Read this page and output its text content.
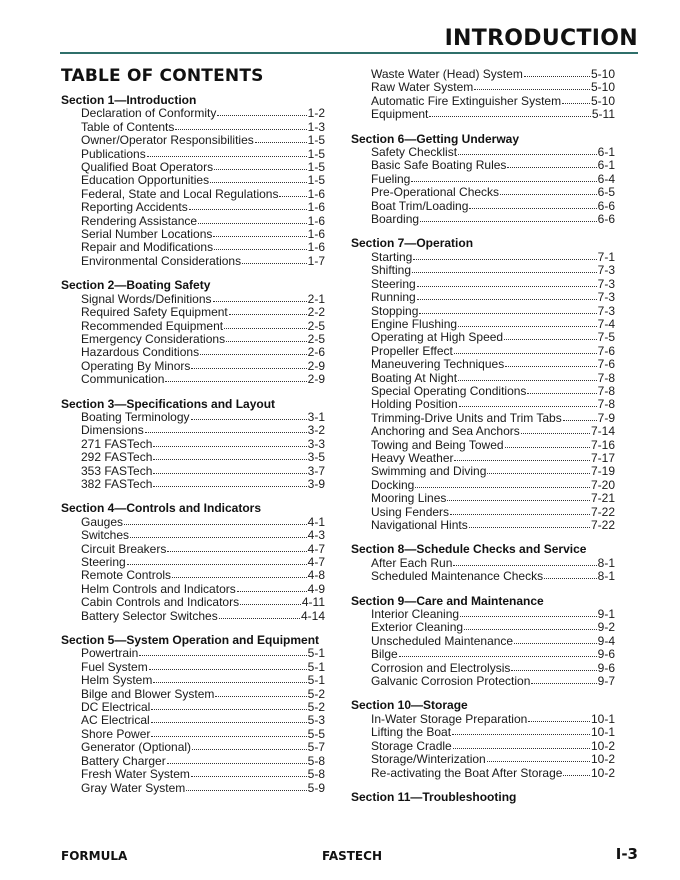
INTRODUCTION
TABLE OF CONTENTS
Section 1—Introduction
Declaration of Conformity	1-2
Table of Contents	1-3
Owner/Operator Responsibilities	1-5
Publications	1-5
Qualified Boat Operators	1-5
Education Opportunities	1-5
Federal, State and Local Regulations 1-6
Reporting Accidents	1-6
Rendering Assistance	1-6
Serial Number Locations	1-6
Repair and Modifications	1-6
Environmental Considerations	1-7
Section 2—Boating Safety
Signal Words/Definitions	2-1
Required Safety Equipment	2-2
Recommended Equipment	2-5
Emergency Considerations	2-5
Hazardous Conditions	2-6
Operating By Minors	2-9
Communication	2-9
Section 3—Specifications and Layout
Boating Terminology	3-1
Dimensions	3-2
271 FASTech	3-3
292 FASTech	3-5
353 FASTech	3-7
382 FASTech	3-9
Section 4—Controls and Indicators
Gauges	4-1
Switches	4-3
Circuit Breakers	4-7
Steering	4-7
Remote Controls	4-8
Helm Controls and Indicators	4-9
Cabin Controls and Indicators	4-11
Battery Selector Switches	4-14
Section 5—System Operation and Equipment
Powertrain	5-1
Fuel System	5-1
Helm System	5-1
Bilge and Blower System	5-2
DC Electrical	5-2
AC Electrical	5-3
Shore Power	5-5
Generator (Optional)	5-7
Battery Charger	5-8
Fresh Water System	5-8
Gray Water System	5-9
Waste Water (Head) System	5-10
Raw Water System	5-10
Automatic Fire Extinguisher System 5-10
Equipment	5-11
Section 6—Getting Underway
Safety Checklist	6-1
Basic Safe Boating Rules	6-1
Fueling	6-4
Pre-Operational Checks	6-5
Boat Trim/Loading	6-6
Boarding	6-6
Section 7—Operation
Starting	7-1
Shifting	7-3
Steering	7-3
Running	7-3
Stopping	7-3
Engine Flushing	7-4
Operating at High Speed	7-5
Propeller Effect	7-6
Maneuvering Techniques	7-6
Boating At Night	7-8
Special Operating Conditions	7-8
Holding Position	7-8
Trimming-Drive Units and Trim Tabs	7-9
Anchoring and Sea Anchors	7-14
Towing and Being Towed	7-16
Heavy Weather	7-17
Swimming and Diving	7-19
Docking	7-20
Mooring Lines	7-21
Using Fenders	7-22
Navigational Hints	7-22
Section 8—Schedule Checks and Service
After Each Run	8-1
Scheduled Maintenance Checks	8-1
Section 9—Care and Maintenance
Interior Cleaning	9-1
Exterior Cleaning	9-2
Unscheduled Maintenance	9-4
Bilge	9-6
Corrosion and Electrolysis	9-6
Galvanic Corrosion Protection	9-7
Section 10—Storage
In-Water Storage Preparation	10-1
Lifting the Boat	10-1
Storage Cradle	10-2
Storage/Winterization	10-2
Re-activating the Boat After Storage 10-2
Section 11—Troubleshooting
FORMULA	FASTECH	I-3
